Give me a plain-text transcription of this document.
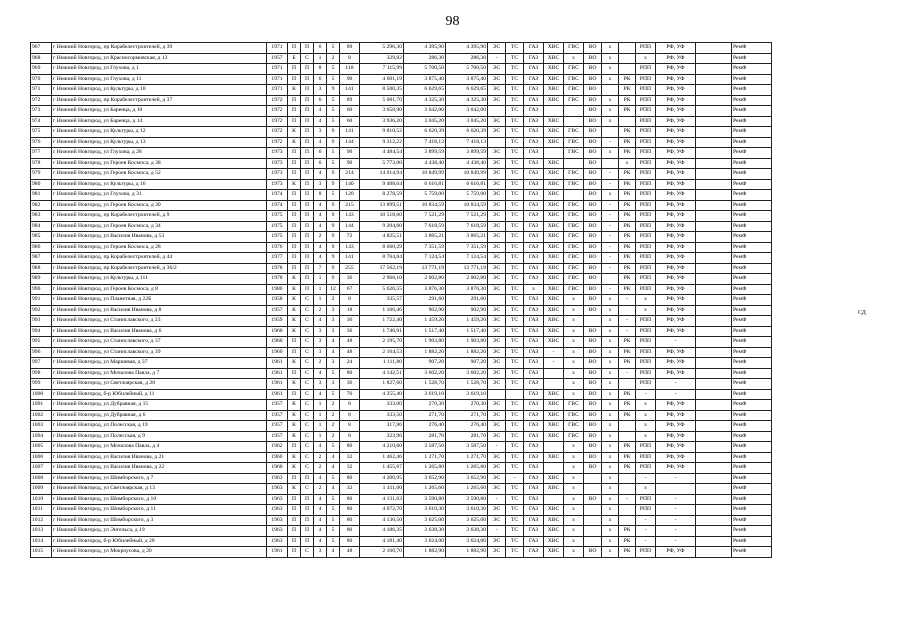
98
967	г Нижний Новгород, пр Корабелестроителей, д 39	1971	П	П	6	5	89	5 296,30	4 395,90	4 395,90	ЭС	ТС	ГАЗ	ХВС	ГВС	ВО	х		РПП	РФ, УФ		РемФ
968	г Нижний Новгород, ул Красносормовская, д 13	1957	Б	С	1	2	8	329,82	286,30	286,30	-	ТС	ГАЗ	ХВС	х	ВО	х		х	РФ, УФ		РемФ
969	г Нижний Новгород, ул Глухова, д 1	1971	П	П	8	5	118	7 115,99	5 700,50	5 700,50	ЭС	ТС	ГАЗ	ХВС	ГВС	ВО	х		РПП	РФ, УФ		РемФ
970	г Нижний Новгород, ул Глухова, д 11	1971	П	П	6	5	90	4 601,19	3 875,40	3 875,40	ЭС	ТС	ГАЗ	ХВС	ГВС	ВО	х	РК	РПП	РФ, УФ		РемФ
971	г Нижний Новгород, ул Культуры, д 10	1971	К	П	3	9	141	8 500,35	6 629,65	6 629,65	ЭС	ТС	ГАЗ	ХВС	ГВС	ВО		РК	РПП	РФ, УФ		РемФ
972	г Нижний Новгород, пр Корабелестроителей, д 37	1972	П	П	6	5	89	5 081,70	4 325,30	4 325,30	ЭС	ТС	ГАЗ	ХВС	ГВС	ВО	х	РК	РПП	РФ, УФ		РемФ
973	г Нижний Новгород, ул Баренца, д 10	1972	П	П	4	5	60	3 658,90	3 042,00	3 042,00		ТС	ГАЗ			ВО	х	РК	РПП	РФ, УФ		РемФ
974	г Нижний Новгород, ул Баренца, д 14	1972	П	П	4	5	60	3 936,20	3 045,20	3 045,20	ЭС	ТС	ГАЗ	ХВС		ВО	х		РПП	РФ, УФ		РемФ
975	г Нижний Новгород, ул Культуры, д 12	1972	К	П	3	9	141	9 810,52	6 620,39	6 620,39	ЭС	ТС	ГАЗ	ХВС	ГВС	ВО		РК	РПП	РФ, УФ		РемФ
976	г Нижний Новгород, ул Культуры, д 13	1972	К	П	4	9	144	9 312,22	7 418,13	7 418,13		ТС	ГАЗ	ХВС	ГВС	ВО	-	РК	РПП	РФ, УФ		РемФ
977	г Нижний Новгород, ул Глухова, д 28	1973	П	П	6	5	90	4 484,54	3 899,59	3 899,59	ЭС	ТС	ГАЗ		ГВС	ВО	х	РК	РПП	РФ, УФ		РемФ
978	г Нижний Новгород, ул Героев Космоса, д 38	1973	П	П	6	5	90	5 773,00	4 438,40	4 438,40	ЭС	ТС	ГАЗ	ХВС		ВО		х	РПП	РФ, УФ		РемФ
979	г Нижний Новгород, ул Героев Космоса, д 52	1973	П	П	4	9	214	14 014,94	10 849,99	10 849,99	ЭС	ТС	ГАЗ	ХВС	ГВС	ВО	-	РК	РПП	РФ, УФ		РемФ
980	г Нижний Новгород, ул Культуры, д 16	1973	К	П	3	9	140	9 408,64	6 616,81	6 616,81	ЭС	ТС	ГАЗ	ХВС	ГВС	ВО	-	РК	РПП	РФ, УФ		РемФ
981	г Нижний Новгород, ул Глухова, д 31	1974	П	П	8	5	120	8 278,59	5 759,00	5 759,00	ЭС	ТС	ГАЗ	ХВС		ВО	х	РК	РПП	РФ, УФ		РемФ
982	г Нижний Новгород, ул Героев Космоса, д 30	1974	П	П	4	9	215	13 899,51	10 834,59	10 834,59	ЭС	ТС	ГАЗ	ХВС	ГВС	ВО	-	РК	РПП	РФ, УФ		РемФ
983	г Нижний Новгород, пр Корабелестроителей, д 9	1975	П	П	4	9	143	10 518,60	7 521,29	7 521,29	ЭС	ТС	ГАЗ	ХВС	ГВС	ВО	-	РК	РПП	РФ, УФ		РемФ
984	г Нижний Новгород, ул Героев Космоса, д 34	1975	П	П	4	9	144	9 204,60	7 618,59	7 618,59	ЭС	ТС	ГАЗ	ХВС	ГВС	ВО	-	РК	РПП	РФ, УФ		РемФ
985	г Нижний Новгород, ул Василия Иванова, д 53	1975	П	П	2	9	72	4 825,51	3 865,21	3 865,21	ЭС	ТС	ГАЗ	ХВС	ГВС	ВО	-	РК	РПП	РФ, УФ		РемФ
986	г Нижний Новгород, ул Героев Космоса, д 28	1976	П	П	4	9	143	8 660,29	7 351,59	7 351,59	ЭС	ТС	ГАЗ	ХВС	ГВС	ВО	-	РК	РПП	РФ, УФ		РемФ
987	г Нижний Новгород, пр Корабелестроителей, д 44	1977	П	П	4	9	141	8 764,84	7 124,54	7 124,54	ЭС	ТС	ГАЗ	ХВС	ГВС	ВО	-	РК	РПП	РФ, УФ		РемФ
988	г Нижний Новгород, пр Корабелестроителей, д 36/2	1978	П	П	7	9	255	17 562,19	13 771,19	13 771,19	ЭС	ТС	ГАЗ	ХВС	ГВС	ВО	-	РК	РПП	РФ, УФ		РемФ
989	г Нижний Новгород, ул Культуры, д 111	1978	К	П	1	9	36	2 968,10	2 002,80	2 002,80	ЭС	ТС	ГАЗ	ХВС	ГВС	ВО		РК	РПП	РФ, УФ		РемФ
990	г Нижний Новгород, ул Героев Космоса, д 8	1980	К	П	1	12	67	5 626,55	3 876,30	3 876,30	ЭС	ТС	х	ХВС	ГВС	ВО	-	РК	РПП	РФ, УФ		РемФ
991	г Нижний Новгород, ул Планетная, д 22Б	1958	К	С	1	2	8	335,57	291,60	291,60		ТС	ГАЗ	ХВС	х	ВО	х	-	х	РФ, УФ		РемФ
992	г Нижний Новгород, ул Василия Иванова, д 8	1957	К	С	2	3	18	1 166,46	902,90	902,90	ЭС	ТС	ГАЗ	ХВС	х	ВО	х		х	РФ, УФ		РемФ
993	г Нижний Новгород, ул Станиславского, д 23	1959	К	С	4	3	36	1 722,40	1 459,20	1 459,20	ЭС	ТС	ГАЗ	ХВС	х		х	-	РПП	РФ, УФ		РемФ
994	г Нижний Новгород, ул Василия Иванова, д 6	1960	К	С	3	3	36	1 746,91	1 517,40	1 517,40	ЭС	ТС	ГАЗ	ХВС	х	ВО	х	-	РПП	РФ, УФ		РемФ
995	г Нижний Новгород, ул Станиславского, д 37	1960	П	С	3	4	48	2 195,70	1 903,80	1 903,80	ЭС	ТС	ГАЗ	ХВС	х	ВО	х	РК	РПП	-		РемФ
996	г Нижний Новгород, ул Станиславского, д 39	1960	П	С	3	4	48	2 164,53	1 882,20	1 882,20	ЭС	ТС	ГАЗ	-	х	ВО	х	РК	РПП	РФ, УФ		РемФ
997	г Нижний Новгород, ул Маршевая, д 37	1961	К	С	2	3	24	1 111,80	907,20	907,20	ЭС	ТС	ГАЗ	-	х	ВО	х	РК	РПП	РФ, УФ		РемФ
998	г Нижний Новгород, ул Мочалова Павла, д 7	1961	П	С	4	5	80	4 142,51	3 602,20	3 602,20	ЭС	ТС	ГАЗ		х	ВО	х	-	РПП	РФ, УФ		РемФ
999	г Нижний Новгород, ул Светлоярская, д 28	1961	К	С	3	3	36	1 827,60	1 528,70	1 528,70	ЭС	ТС	ГАЗ		х	ВО	х		РПП	-		РемФ
1000	г Нижний Новгород, б-р Юбилейный, д 11	1961	П	С	4	5	76	4 255,40	3 619,10	3 619,10			ГАЗ	ХВС	х	ВО	х	РК	-	-		РемФ
1001	г Нижний Новгород, ул Дубравная, д 15	1957	К	С	1	2	8	333,00	270,30	270,30	ЭС	ТС	ГАЗ	ХВС	ГВС	ВО	х	РК	х	РФ, УФ		РемФ
1002	г Нижний Новгород, ул Дубравная, д 6	1957	К	С	1	2	8	333,50	271,70	271,70	ЭС	ТС	ГАЗ	ХВС	ГВС	ВО	х	РК	х	РФ, УФ		РемФ
1003	г Нижний Новгород, ул Полесская, д 19	1957	К	С	1	2	8	317,86	276,40	276,40	ЭС	ТС	ГАЗ	ХВС	ГВС	ВО	х		х	РФ, УФ		РемФ
1004	г Нижний Новгород, ул Полесская, д 9	1957	К	С	1	2	8	323,96	281,70	281,70	ЭС	ТС	ГАЗ	ХВС	ГВС	ВО	х		х	РФ, УФ		РемФ
1005	г Нижний Новгород, ул Мочалова Павла, д 4	1962	П	С	4	5	80	4 210,60	3 587,50	3 587,50	-	ТС	ГАЗ		х	ВО	х	РК	РПП	РФ, УФ		РемФ
1006	г Нижний Новгород, ул Василия Иванова, д 21	1960	К	С	2	4	32	1 462,46	1 271,70	1 271,70	ЭС	ТС	ГАЗ	ХВС	х	ВО	х	РК	РПП	РФ, УФ		РемФ
1007	г Нижний Новгород, ул Василия Иванова, д 22	1960	К	С	2	4	32	1 455,67	1 265,80	1 265,80	ЭС	ТС	ГАЗ		х	ВО	х	РК	РПП	РФ, УФ		РемФ
1008	г Нижний Новгород, ул Шимборского, д 7	1963	П	П	4	5	80	4 200,95	3 652,90	3 652,90	ЭС	-	ГАЗ	ХВС	х		х		-	-		РемФ
1009	г Нижний Новгород, ул Светлоярская, д 13	1963	К	С	2	4	32	1 411,00	1 265,60	1 265,60	ЭС	ТС	ГАЗ	ХВС	х		х		х			РемФ
1010	г Нижний Новгород, ул Шимборского, д 10	1963	П	П	4	5	80	4 131,63	3 590,80	3 590,80	-	ТС	ГАЗ		х	ВО	х	-	РПП	-		РемФ
1011	г Нижний Новгород, ул Шимборского, д 11	1963	П	П	4	5	80	4 072,70	3 610,30	3 610,30	ЭС	ТС	ГАЗ	ХВС	х		х		РПП	-		РемФ
1012	г Нижний Новгород, ул Шимборского, д 3	1963	П	П	4	5	80	4 136,50	3 625,00	3 625,00	ЭС	ТС	ГАЗ	ХВС	х		х		-	-		РемФ
1013	г Нижний Новгород, ул Энгельса, д 19	1963	П	П	4	5	80	4 186,35	3 638,30	3 638,30	-	ТС	ГАЗ	ХВС	х		х	РК	-	-		РемФ
1014	г Нижний Новгород, б-р Юбилейный, д 28	1963	П	П	4	5	80	4 181,40	3 624,00	3 624,00	ЭС	ТС	ГАЗ	ХВС	х		х	РК	-	-		РемФ
1015	г Нижний Новгород, ул Мокроусова, д 20	1961	П	С	3	4	48	2 160,70	1 882,90	1 882,90	ЭС	ТС	ГАЗ	ХВС	х	ВО	х	РК	РПП	РФ, УФ		РемФ
СД
